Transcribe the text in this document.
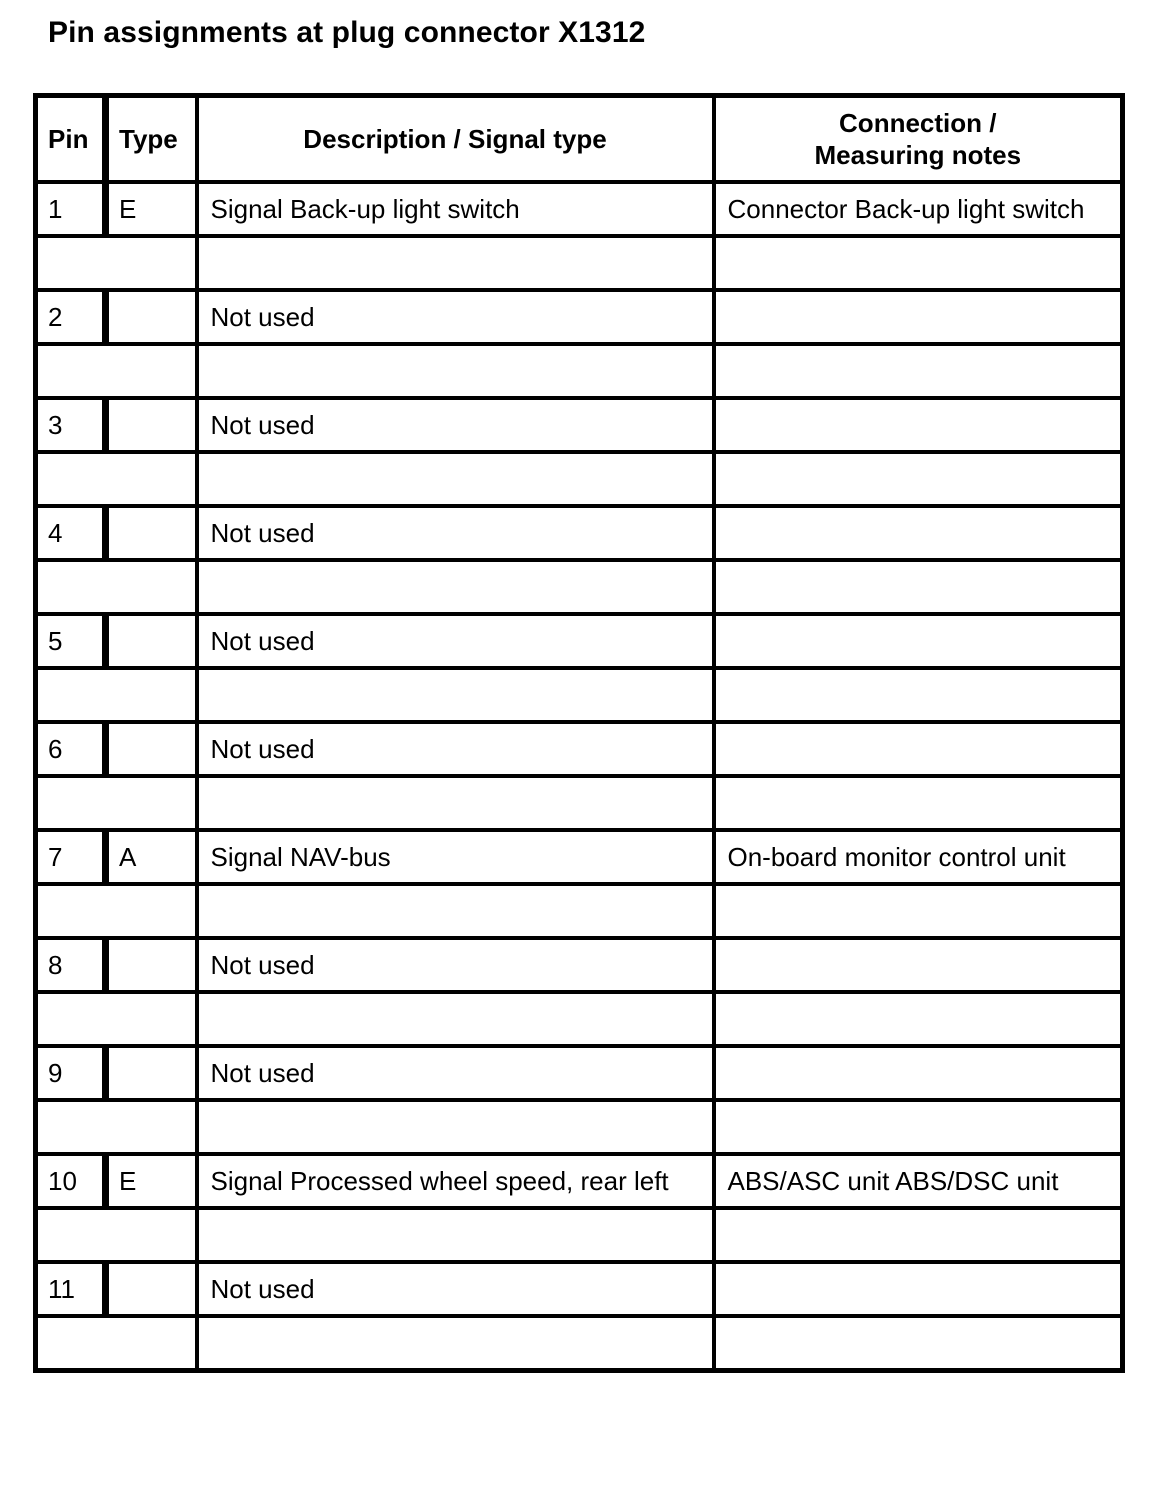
Pin assignments at plug connector X1312
Pin	Type	Description / Signal type	Connection /
Measuring notes
1	E	Signal Back-up light switch	Connector Back-up light switch

2		Not used	

3		Not used	

4		Not used	

5		Not used	

6		Not used	

7	A	Signal NAV-bus	On-board monitor control unit

8		Not used	

9		Not used	

10	E	Signal Processed wheel speed, rear left	ABS/ASC unit ABS/DSC unit

11		Not used	
